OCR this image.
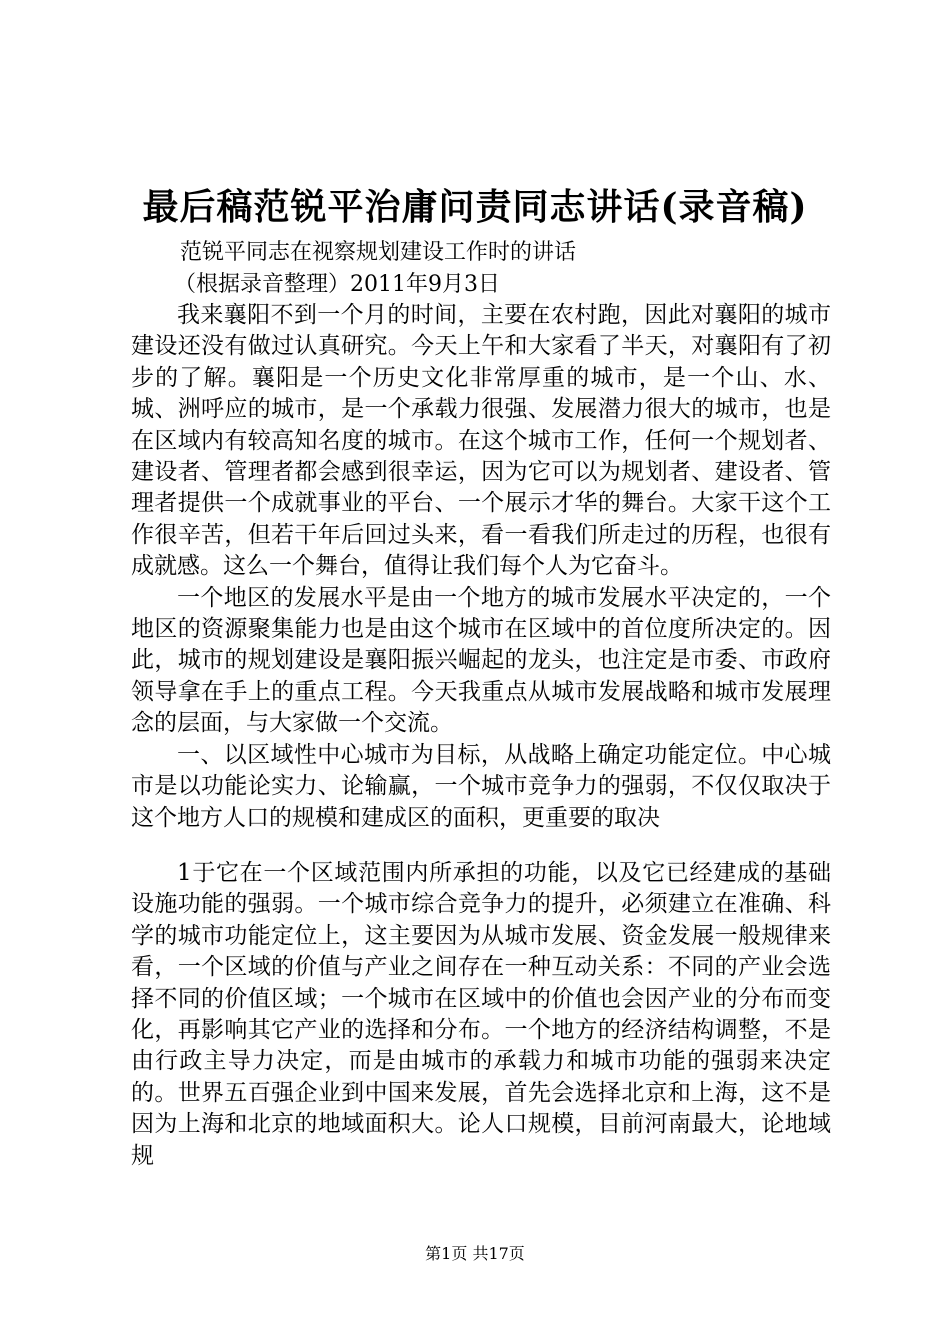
最后稿范锐平治庸问责同志讲话(录音稿)
范锐平同志在视察规划建设工作时的讲话
（根据录音整理）2011年9月3日

我来襄阳不到一个月的时间，主要在农村跑，因此对襄阳的城市建设还没有做过认真研究。今天上午和大家看了半天，对襄阳有了初步的了解。襄阳是一个历史文化非常厚重的城市，是一个山、水、城、洲呼应的城市，是一个承载力很强、发展潜力很大的城市，也是在区域内有较高知名度的城市。在这个城市工作，任何一个规划者、建设者、管理者都会感到很幸运，因为它可以为规划者、建设者、管理者提供一个成就事业的平台、一个展示才华的舞台。大家干这个工作很辛苦，但若干年后回过头来，看一看我们所走过的历程，也很有成就感。这么一个舞台，值得让我们每个人为它奋斗。

一个地区的发展水平是由一个地方的城市发展水平决定的，一个地区的资源聚集能力也是由这个城市在区域中的首位度所决定的。因此，城市的规划建设是襄阳振兴崛起的龙头，也注定是市委、市政府领导拿在手上的重点工程。今天我重点从城市发展战略和城市发展理念的层面，与大家做一个交流。

一、以区域性中心城市为目标，从战略上确定功能定位。中心城市是以功能论实力、论输赢，一个城市竞争力的强弱，不仅仅取决于这个地方人口的规模和建成区的面积，更重要的取决

1于它在一个区域范围内所承担的功能，以及它已经建成的基础设施功能的强弱。一个城市综合竞争力的提升，必须建立在准确、科学的城市功能定位上，这主要因为从城市发展、资金发展一般规律来看，一个区域的价值与产业之间存在一种互动关系：不同的产业会选择不同的价值区域；一个城市在区域中的价值也会因产业的分布而变化，再影响其它产业的选择和分布。一个地方的经济结构调整，不是由行政主导力决定，而是由城市的承载力和城市功能的强弱来决定的。世界五百强企业到中国来发展，首先会选择北京和上海，这不是因为上海和北京的地域面积大。论人口规模，目前河南最大，论地域规

第1页 共17页
